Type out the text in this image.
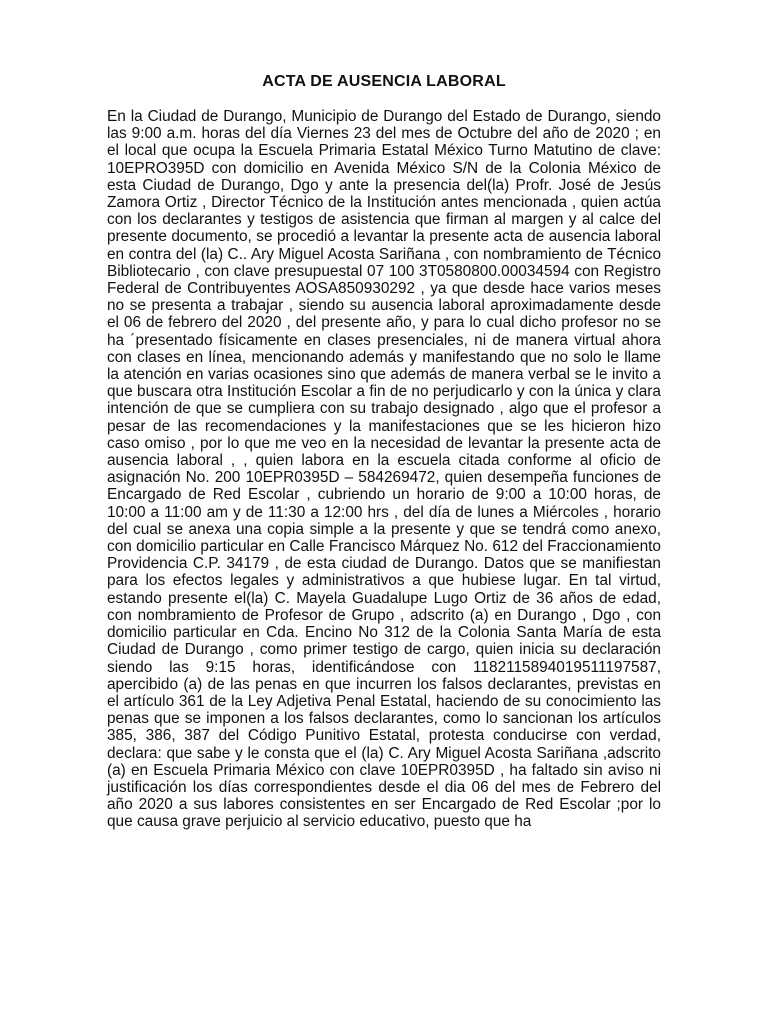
ACTA DE AUSENCIA LABORAL

En la Ciudad de Durango, Municipio de Durango del Estado de Durango, siendo las 9:00 a.m. horas del día Viernes 23 del mes de Octubre del año de 2020 ; en el local que ocupa la Escuela Primaria Estatal México Turno Matutino de clave: 10EPRO395D con domicilio en Avenida México S/N de la Colonia México de esta Ciudad de Durango, Dgo y ante la presencia del(la) Profr. José de Jesús Zamora Ortiz , Director Técnico de la Institución antes mencionada , quien actúa con los declarantes y testigos de asistencia que firman al margen y al calce del presente documento, se procedió a levantar la presente acta de ausencia laboral en contra del (la) C.. Ary Miguel Acosta Sariñana , con nombramiento de Técnico Bibliotecario , con clave presupuestal 07 100 3T0580800.00034594 con Registro Federal de Contribuyentes AOSA850930292 , ya que desde hace varios meses no se presenta a trabajar , siendo su ausencia laboral aproximadamente desde el 06 de febrero del 2020 , del presente año, y para lo cual dicho profesor no se ha ´presentado físicamente en clases presenciales, ni de manera virtual ahora con clases en línea, mencionando además y manifestando que no solo le llame la atención en varias ocasiones sino que además de manera verbal se le invito a que buscara otra Institución Escolar a fin de no perjudicarlo y con la única y clara intención de que se cumpliera con su trabajo designado , algo que el profesor a pesar de las recomendaciones y la manifestaciones que se les hicieron hizo caso omiso , por lo que me veo en la necesidad de levantar la presente acta de ausencia laboral , , quien labora en la escuela citada conforme al oficio de asignación No. 200 10EPR0395D – 584269472, quien desempeña funciones de Encargado de Red Escolar , cubriendo un horario de 9:00 a 10:00 horas, de 10:00 a 11:00 am y de 11:30 a 12:00 hrs , del día de lunes a Miércoles , horario del cual se anexa una copia simple a la presente y que se tendrá como anexo, con domicilio particular en Calle Francisco Márquez No. 612 del Fraccionamiento Providencia C.P. 34179 , de esta ciudad de Durango. Datos que se manifiestan para los efectos legales y administrativos a que hubiese lugar. En tal virtud, estando presente el(la) C. Mayela Guadalupe Lugo Ortiz de 36 años de edad, con nombramiento de Profesor de Grupo , adscrito (a) en Durango , Dgo , con domicilio particular en Cda. Encino No 312 de la Colonia Santa María de esta Ciudad de Durango , como primer testigo de cargo, quien inicia su declaración siendo las 9:15 horas, identificándose con 1182115894019511197587, apercibido (a) de las penas en que incurren los falsos declarantes, previstas en el artículo 361 de la Ley Adjetiva Penal Estatal, haciendo de su conocimiento las penas que se imponen a los falsos declarantes, como lo sancionan los artículos 385, 386, 387 del Código Punitivo Estatal, protesta conducirse con verdad, declara: que sabe y le consta que el (la) C. Ary Miguel Acosta Sariñana ,adscrito (a) en Escuela Primaria México con clave 10EPR0395D , ha faltado sin aviso ni justificación los días correspondientes desde el dia 06 del mes de Febrero del año 2020 a sus labores consistentes en ser Encargado de Red Escolar ;por lo que causa grave perjuicio al servicio educativo, puesto que ha
